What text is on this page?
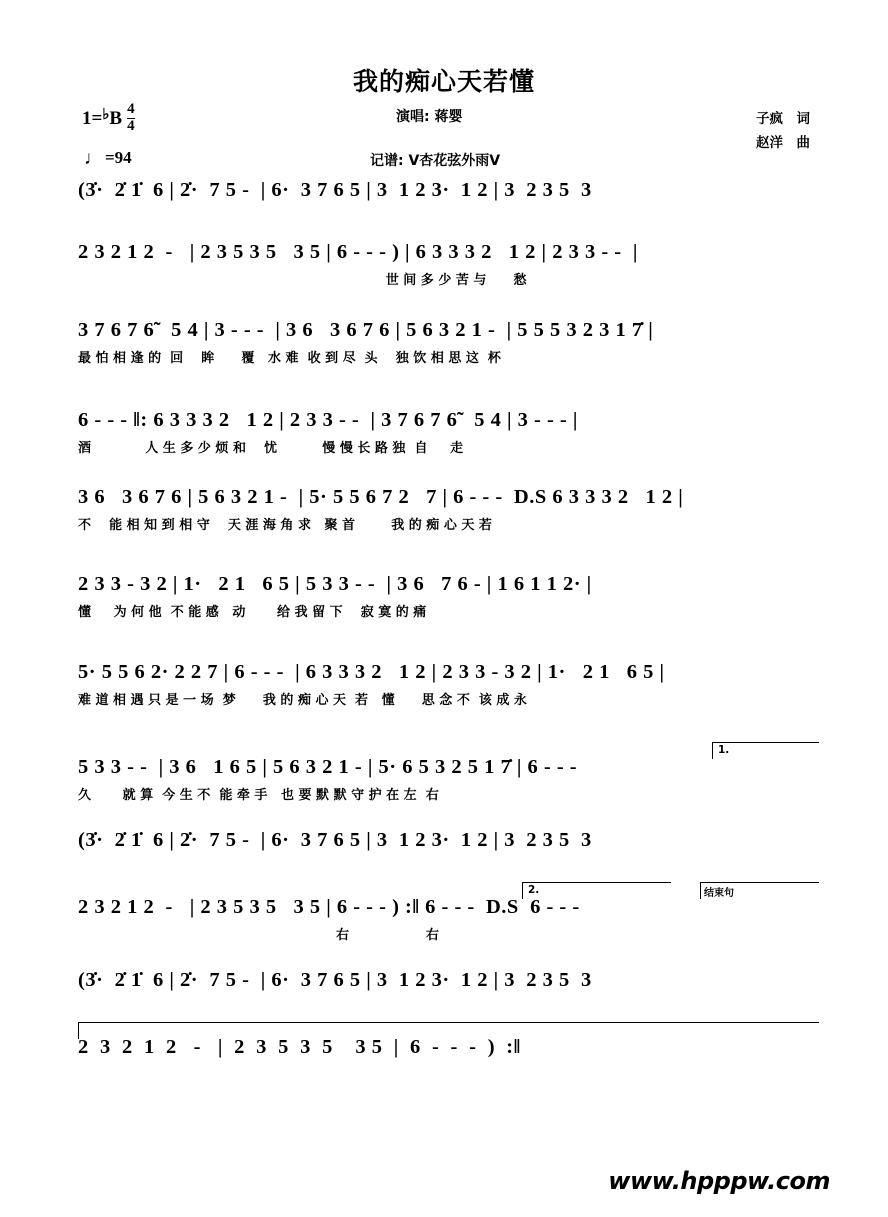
我的痴心天若懂
1= ♭ B $\frac{4}{4}$
♩ =94
演唱: 蒋婴
记谱: V杏花弦外雨V
子疯　词
赵洋　曲
(3̇·  2̇ 1̇  6 | 2̇·  7 5 -  | 6·  3 7 6 5 | 3  1 2 3·  1 2 | 3  2 3 5  3
2 3 2 1 2  -   | 2 3 5 3 5   3 5 | 6 - - - ) | 6 3 3 3 2   1 2 | 2 3 3 - -  |
世 间 多 少 苦 与      愁
3 7 6 7 6̃   5 4 | 3 - - -  | 3 6   3 6 7 6 | 5 6 3 2 1 -  | 5 5 5 3 2 3 1 7̇ |
最 怕 相 逢 的  回    眸      覆   水 难  收 到 尽  头    独 饮 相 思 这  杯
6 - - - ‖: 6 3 3 3 2   1 2 | 2 3 3 - -  | 3 7 6 7 6̃   5 4 | 3 - - - |
酒            人 生 多 少 烦 和    忧          慢 慢 长 路 独  自     走
3 6   3 6 7 6 | 5 6 3 2 1 -  | 5· 5 5 6 7 2   7 | 6 - - -  D.S 6 3 3 3 2   1 2 |
不    能 相 知 到 相 守    天 涯 海 角 求   聚 首        我 的 痴 心 天 若
2 3 3 - 3 2 | 1·   2 1   6 5 | 5 3 3 - -  | 3 6   7 6 - | 1 6 1 1 2· |
懂     为 何 他  不 能 感   动       给 我 留 下    寂 寞 的 痛
5· 5 5 6 2· 2 2 7 | 6 - - -  | 6 3 3 3 2   1 2 | 2 3 3 - 3 2 | 1·   2 1   6 5 |
难 道 相 遇 只 是 一 场  梦      我 的 痴 心 天  若   懂      思 念 不  该 成 永
5 3 3 - -  | 3 6   1 6 5 | 5 6 3 2 1 - | 5· 6 5 3 2 5 1 7̇ | 6 - - -
久       就 算  今 生 不  能 牵 手   也 要 默 默 守 护 在 左  右
(3̇·  2̇ 1̇  6 | 2̇·  7 5 -  | 6·  3 7 6 5 | 3  1 2 3·  1 2 | 3  2 3 5  3
2 3 2 1 2  -   | 2 3 5 3 5   3 5 | 6 - - - ) :‖ 6 - - -  D.S  6 - - -
右                 右
(3̇·  2̇ 1̇  6 | 2̇·  7 5 -  | 6·  3 7 6 5 | 3  1 2 3·  1 2 | 3  2 3 5  3
2  3  2  1  2   -   |  2  3  5  3  5    3 5  |  6  -  -  -  )  :‖
1.
2.	结束句
www.hpppw.com
